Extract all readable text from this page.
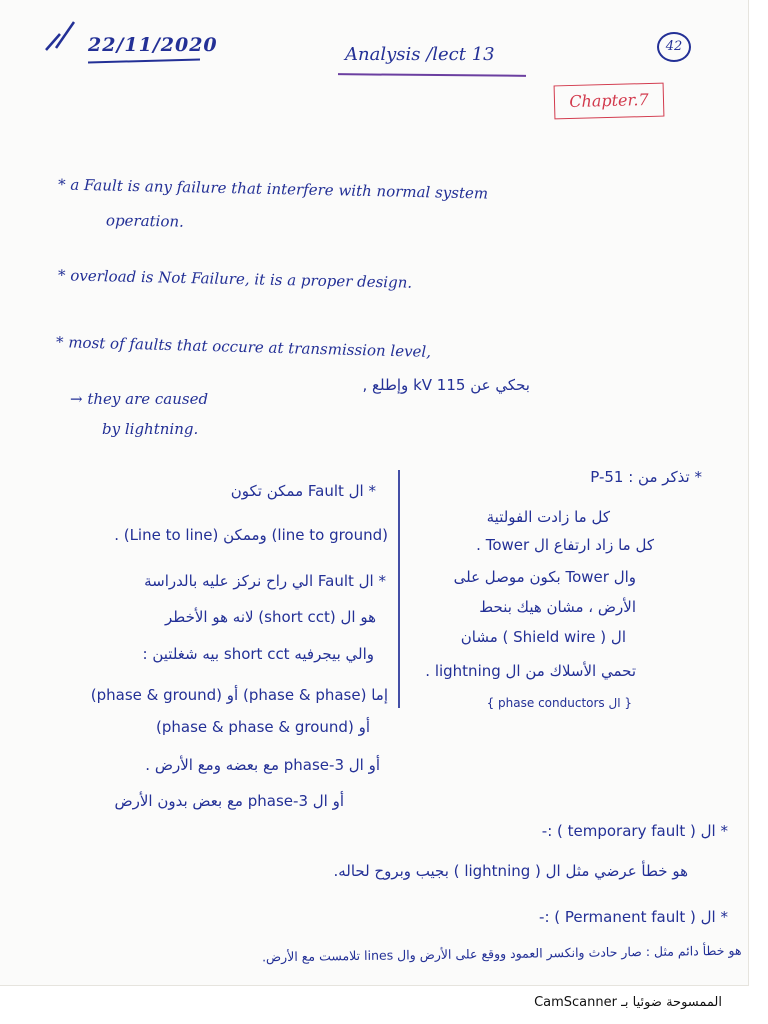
22/11/2020	Analysis /lect 13	42
Chapter.7
* a Fault is any failure that interfere with normal system
operation.
* overload is Not Failure, it is a proper design.
* most of faults that occure at transmission level,
بحكي عن 115 kV وإطلع ,
→ they are caused
by lightning.
* ال Fault ممكن تكون
. (Line to line) وممكن (line to ground)
* ال Fault الي راح نركز عليه بالدراسة
هو ال (short cct) لانه هو الأخطر
والي بيجرفيه short cct بيه شغلتين :
إما (phase & phase) أو (phase & ground)
أو (phase & phase & ground)
أو ال 3-phase مع بعضه ومع الأرض .
أو ال 3-phase مع بعض بدون الأرض
* تذكر من : P-51
كل ما زادت الفولتية
كل ما زاد ارتفاع ال Tower .
وال Tower بكون موصل على
الأرض ، مشان هيك بنحط
ال ( Shield wire ) مشان
تحمي الأسلاك من ال lightning .
{ ال phase conductors }
* ال ( temporary fault ) :-
هو خطأ عرضي مثل ال ( lightning ) بجيب وبروح لحاله.
* ال ( Permanent fault ) :-
هو خطأ دائم مثل : صار حادث وانكسر العمود ووقع على الأرض وال lines تلامست مع الأرض.
الممسوحة ضوئيا بـ CamScanner
